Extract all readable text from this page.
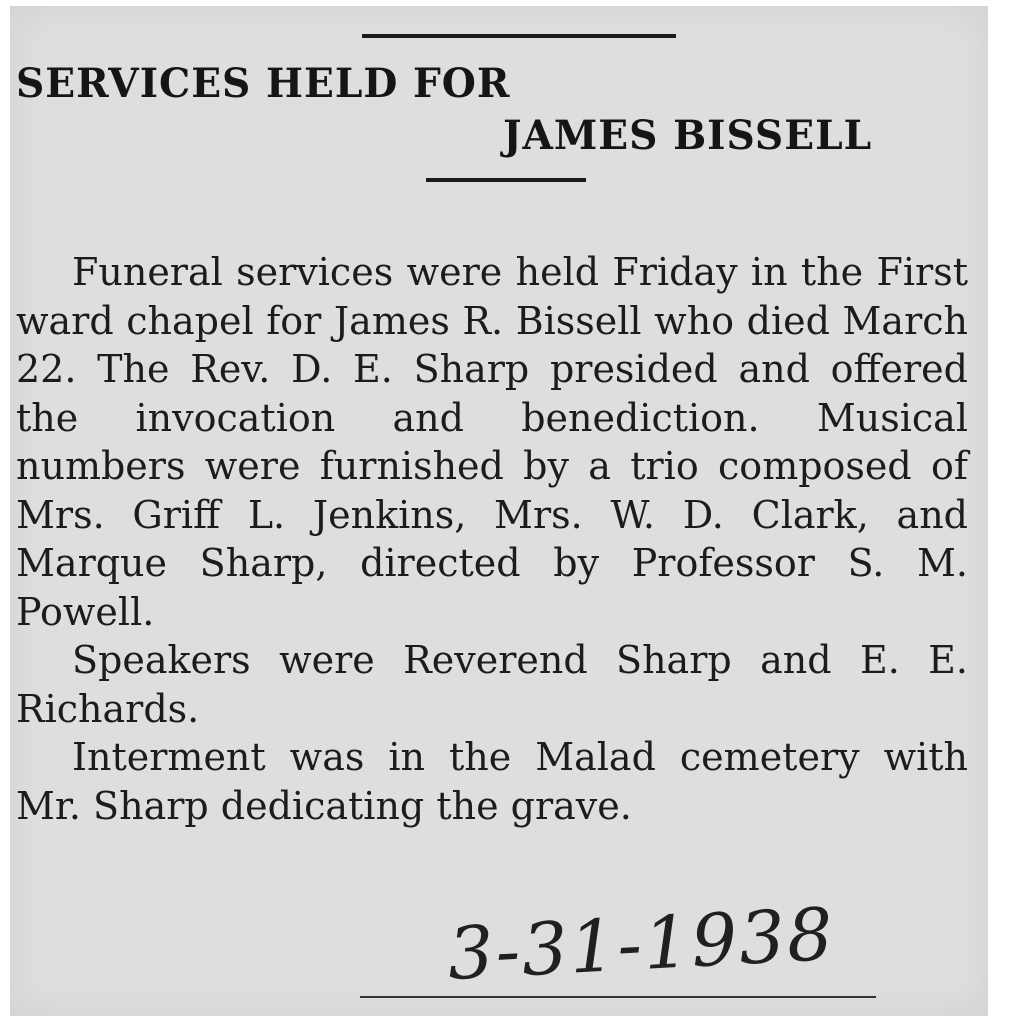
SERVICES HELD FOR
JAMES BISSELL

Funeral services were held Friday in the First ward chapel for James R. Bissell who died March 22. The Rev. D. E. Sharp presided and offered the invocation and benediction. Musical numbers were furnished by a trio composed of Mrs. Griff L. Jenkins, Mrs. W. D. Clark, and Marque Sharp, directed by Professor S. M. Powell.

Speakers were Reverend Sharp and E. E. Richards.

Interment was in the Malad cemetery with Mr. Sharp dedicating the grave.

3-31-1938
